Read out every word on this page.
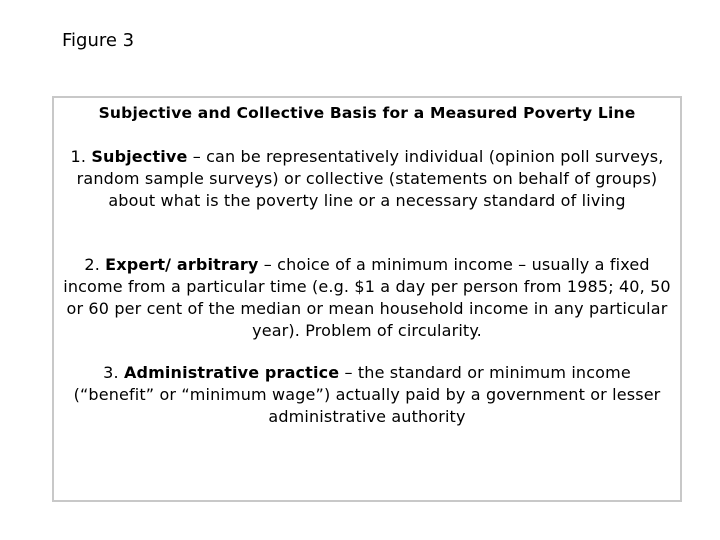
Figure 3
Subjective and Collective Basis for a Measured Poverty Line
1. Subjective – can be representatively individual (opinion poll surveys, random sample surveys) or collective (statements on behalf of groups) about what is the poverty line or a necessary standard of living
2. Expert/ arbitrary – choice of a minimum income – usually a fixed income from a particular time (e.g. $1 a day per person from 1985; 40, 50 or 60 per cent of the median or mean household income in any particular year). Problem of circularity.
3. Administrative practice – the standard or minimum income (“benefit” or “minimum wage”) actually paid by a government or lesser administrative authority
